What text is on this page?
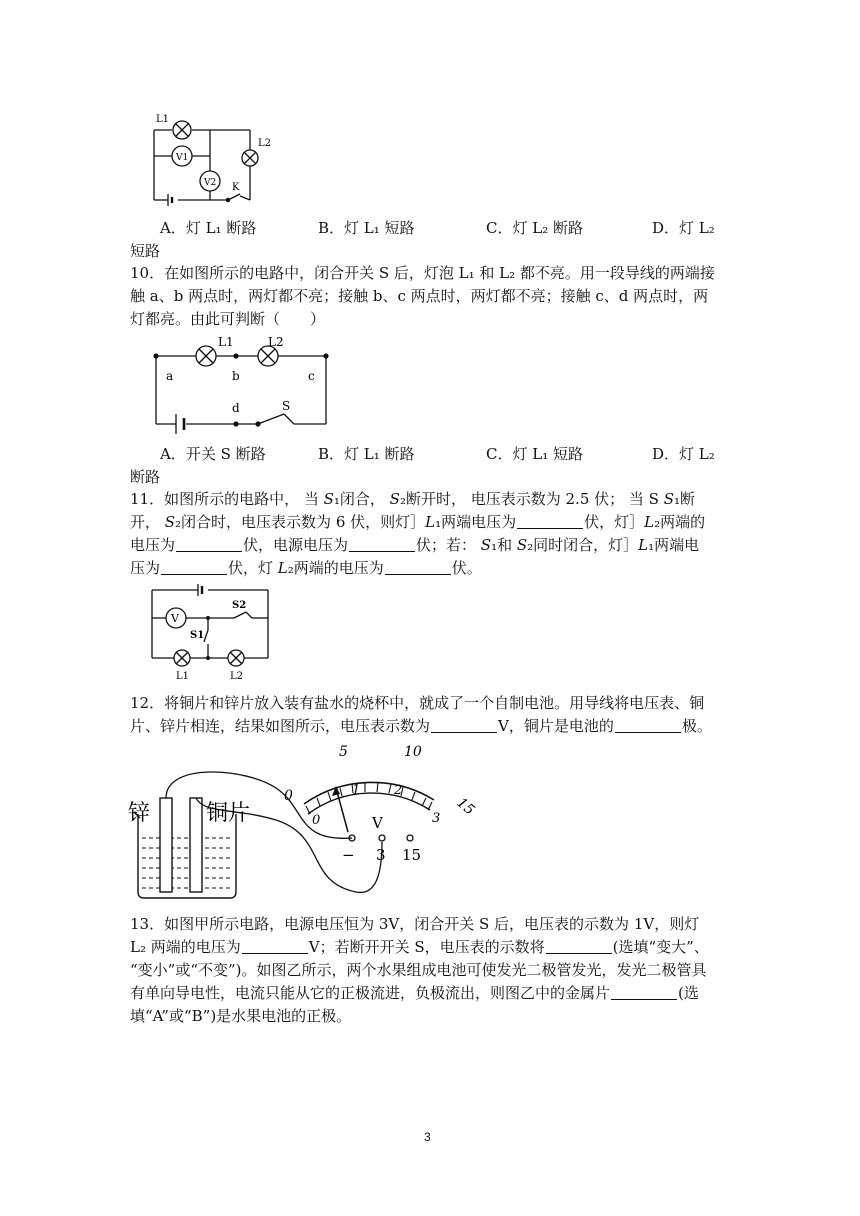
L1
L2
V1
V2 K
A．灯 L₁ 断路	B．灯 L₁ 短路	C．灯 L₂ 断路	D．灯 L₂
短路
10．在如图所示的电路中，闭合开关 S 后，灯泡 L₁ 和 L₂ 都不亮。用一段导线的两端接
触 a、b 两点时，两灯都不亮；接触 b、c 两点时，两灯都不亮；接触 c、d 两点时，两
灯都亮。由此可判断（　　）
L1	L2
a	b	c
d	S
A．开关 S 断路	B．灯 L₁ 断路	C．灯 L₁ 短路	D．灯 L₂
断路
11．如图所示的电路中， 当 𝑆₁闭合， 𝑆₂断开时， 电压表示数为 2.5 伏； 当 S 𝑆₁断
开， 𝑆₂闭合时，电压表示数为 6 伏，则灯］𝐿₁两端电压为	伏，灯］𝐿₂两端的
电压为	伏，电源电压为	伏；若： 𝑆₁和 𝑆₂同时闭合，灯］𝐿₁两端电
压为	伏，灯 𝐿₂两端的电压为	伏。
V
S2
S1
L1	L2
12．将铜片和锌片放入装有盐水的烧杯中，就成了一个自制电池。用导线将电压表、铜
片、锌片相连，结果如图所示，电压表示数为	V，铜片是电池的	极。
锌	铜片
0
5	10
15
0
1	2
3
V
− 3 15
13．如图甲所示电路，电源电压恒为 3V，闭合开关 S 后，电压表的示数为 1V，则灯
L₂ 两端的电压为	V；若断开开关 S，电压表的示数将	(选填“变大”、
“变小”或“不变”)。如图乙所示，两个水果组成电池可使发光二极管发光，发光二极管具
有单向导电性，电流只能从它的正极流进，负极流出，则图乙中的金属片	(选
填“A”或“B”)是水果电池的正极。
3
